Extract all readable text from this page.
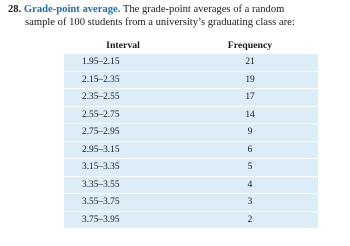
28. Grade-point average. The grade-point averages of a random
sample of 100 students from a university’s graduating class are:
Interval	Frequency
1.95–2.15	21
2.15–2.35	19
2.35–2.55	17
2.55–2.75	14
2.75–2.95	9
2.95–3.15	6
3.15–3.35	5
3.35–3.55	4
3.55–3.75	3
3.75–3.95	2
